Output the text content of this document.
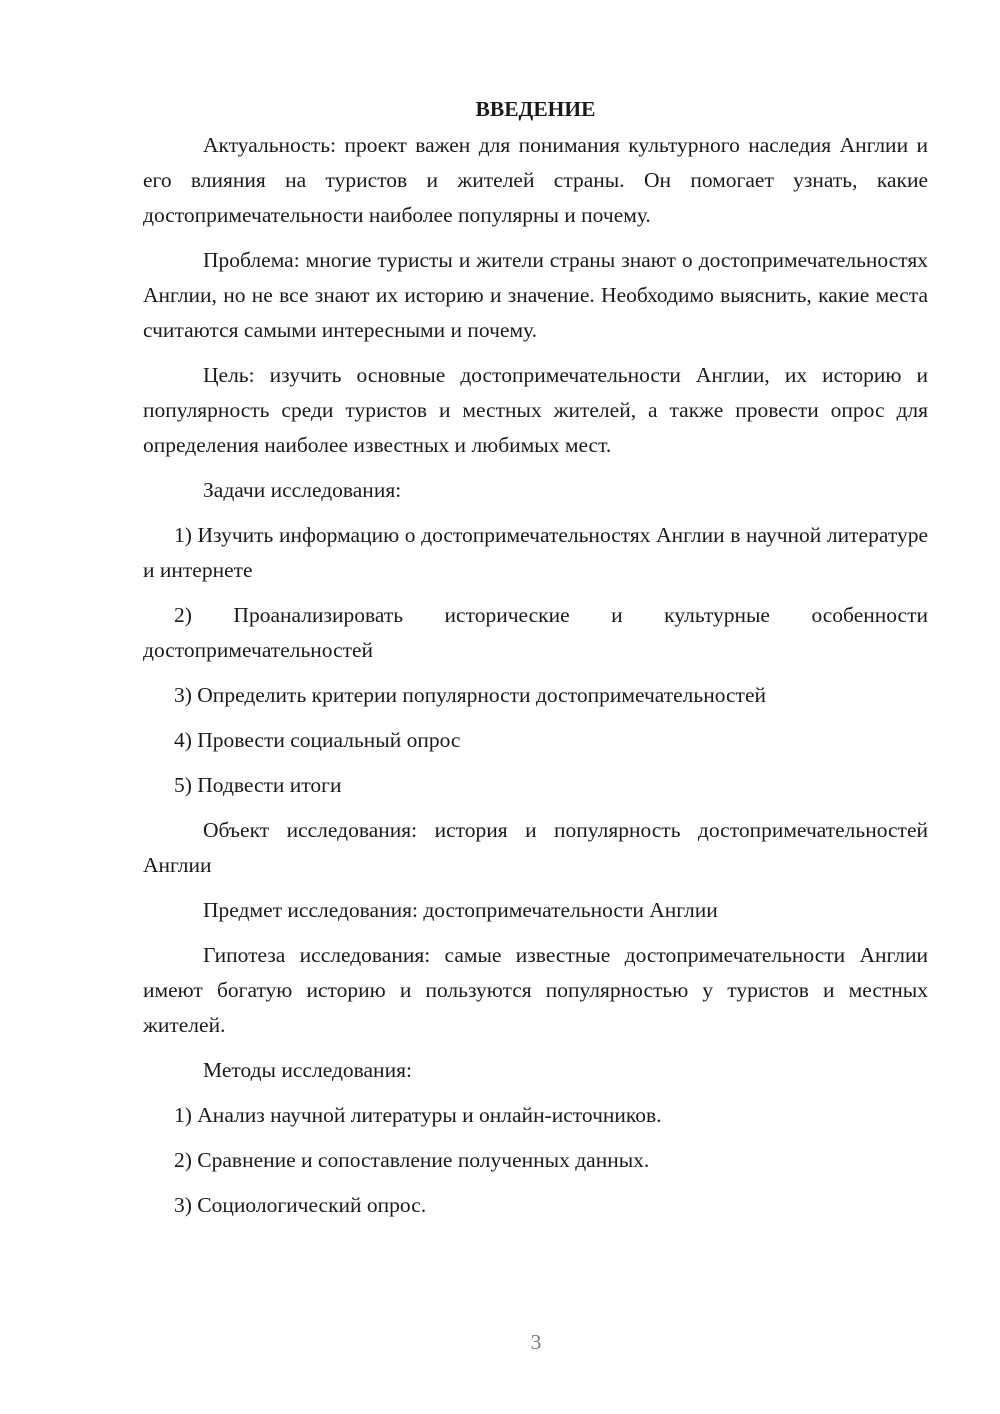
ВВЕДЕНИЕ

Актуальность: проект важен для понимания культурного наследия Англии и его влияния на туристов и жителей страны. Он помогает узнать, какие достопримечательности наиболее популярны и почему.

Проблема: многие туристы и жители страны знают о достопримечательностях Англии, но не все знают их историю и значение. Необходимо выяснить, какие места считаются самыми интересными и почему.

Цель: изучить основные достопримечательности Англии, их историю и популярность среди туристов и местных жителей, а также провести опрос для определения наиболее известных и любимых мест.

Задачи исследования:

1) Изучить информацию о достопримечательностях Англии в научной литературе и интернете

2) Проанализировать исторические и культурные особенности достопримечательностей

3) Определить критерии популярности достопримечательностей

4) Провести социальный опрос

5) Подвести итоги

Объект исследования: история и популярность достопримечательностей Англии

Предмет исследования: достопримечательности Англии

Гипотеза исследования: самые известные достопримечательности Англии имеют богатую историю и пользуются популярностью у туристов и местных жителей.

Методы исследования:

1) Анализ научной литературы и онлайн-источников.

2) Сравнение и сопоставление полученных данных.

3) Социологический опрос.

3
